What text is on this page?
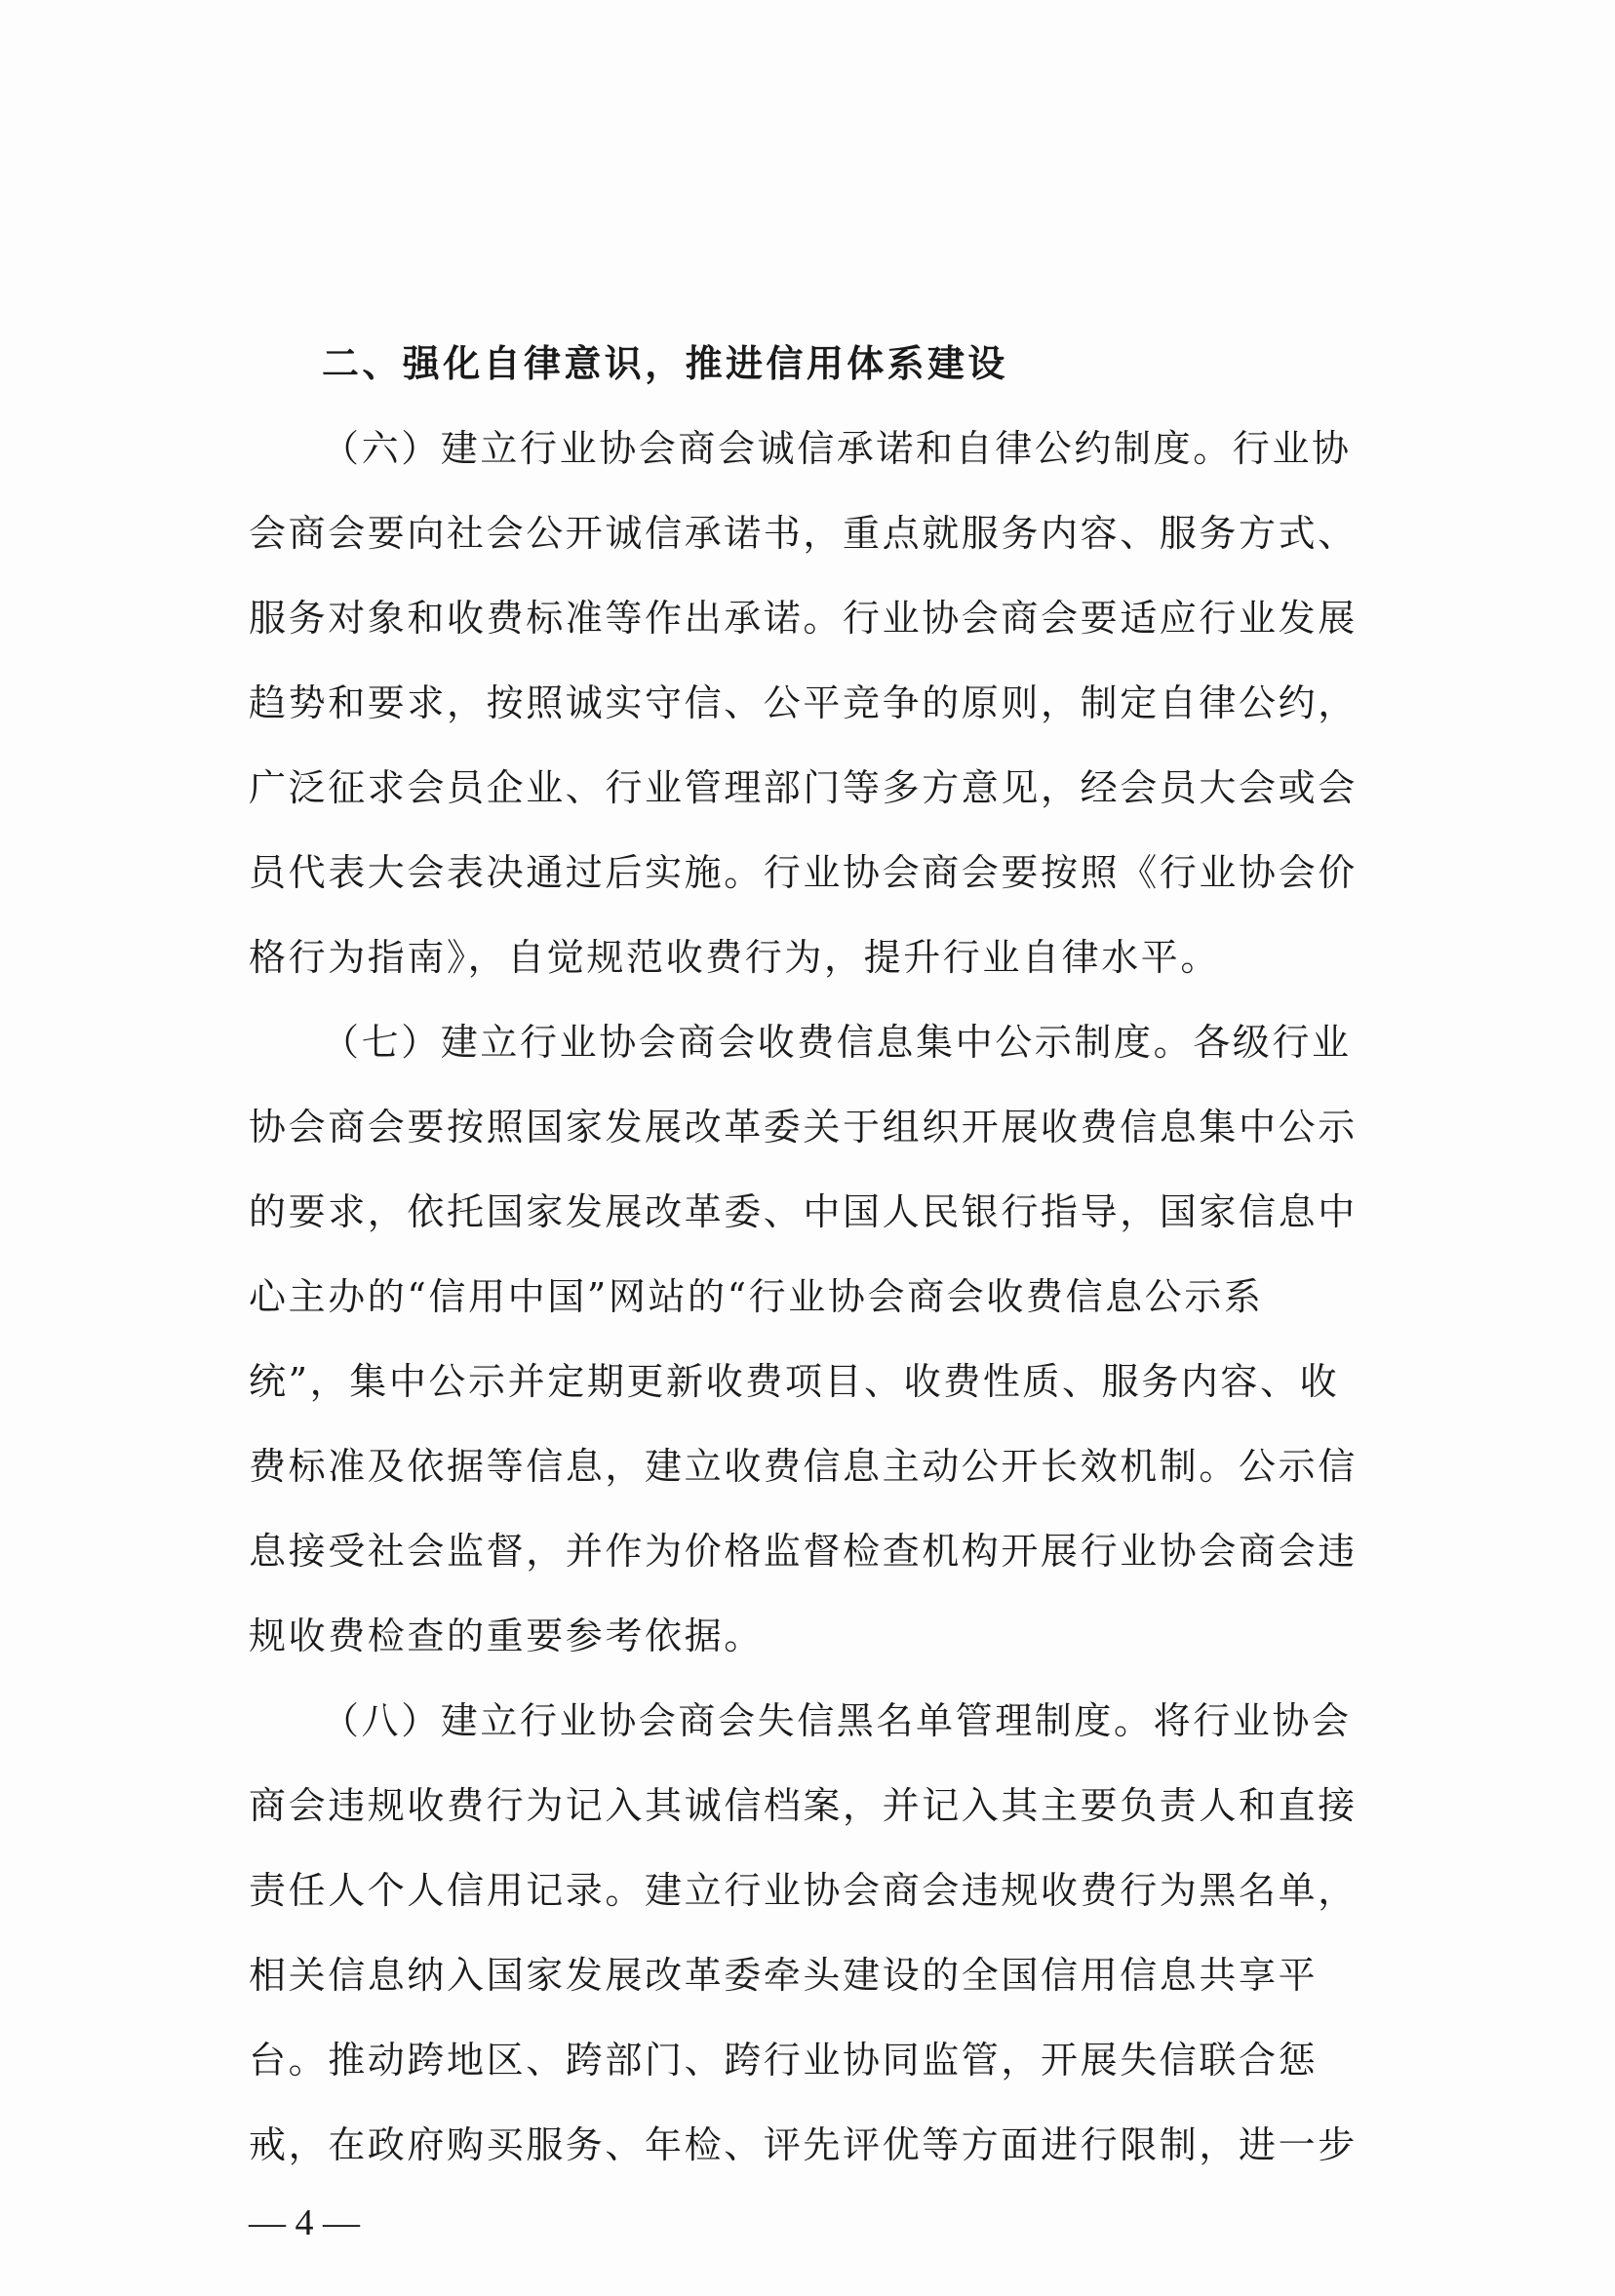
二、强化自律意识，推进信用体系建设
（六）建立行业协会商会诚信承诺和自律公约制度。行业协
会商会要向社会公开诚信承诺书，重点就服务内容、服务方式、
服务对象和收费标准等作出承诺。行业协会商会要适应行业发展
趋势和要求，按照诚实守信、公平竞争的原则，制定自律公约，
广泛征求会员企业、行业管理部门等多方意见，经会员大会或会
员代表大会表决通过后实施。行业协会商会要按照《行业协会价
格行为指南》，自觉规范收费行为，提升行业自律水平。
（七）建立行业协会商会收费信息集中公示制度。各级行业
协会商会要按照国家发展改革委关于组织开展收费信息集中公示
的要求，依托国家发展改革委、中国人民银行指导，国家信息中
心主办的“信用中国”网站的“行业协会商会收费信息公示系
统”，集中公示并定期更新收费项目、收费性质、服务内容、收
费标准及依据等信息，建立收费信息主动公开长效机制。公示信
息接受社会监督，并作为价格监督检查机构开展行业协会商会违
规收费检查的重要参考依据。
（八）建立行业协会商会失信黑名单管理制度。将行业协会
商会违规收费行为记入其诚信档案，并记入其主要负责人和直接
责任人个人信用记录。建立行业协会商会违规收费行为黑名单，
相关信息纳入国家发展改革委牵头建设的全国信用信息共享平
台。推动跨地区、跨部门、跨行业协同监管，开展失信联合惩
戒，在政府购买服务、年检、评先评优等方面进行限制，进一步
— 4 —
